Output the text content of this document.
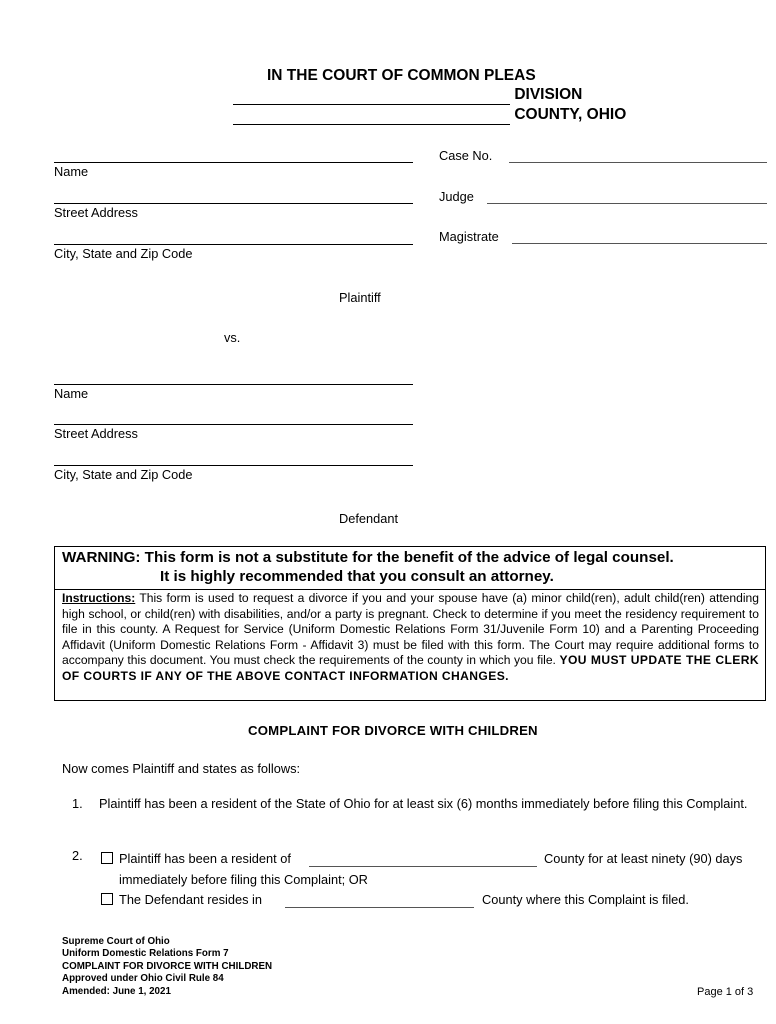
IN THE COURT OF COMMON PLEAS
DIVISION
COUNTY, OHIO
Case No.
Judge
Magistrate
Name
Street Address
City, State and Zip Code
Plaintiff
vs.
Name
Street Address
City, State and Zip Code
Defendant
WARNING: This form is not a substitute for the benefit of the advice of legal counsel.
It is highly recommended that you consult an attorney.
Instructions: This form is used to request a divorce if you and your spouse have (a) minor child(ren), adult child(ren) attending high school, or child(ren) with disabilities, and/or a party is pregnant. Check to determine if you meet the residency requirement to file in this county. A Request for Service (Uniform Domestic Relations Form 31/Juvenile Form 10) and a Parenting Proceeding Affidavit (Uniform Domestic Relations Form - Affidavit 3) must be filed with this form. The Court may require additional forms to accompany this document. You must check the requirements of the county in which you file. YOU MUST UPDATE THE CLERK OF COURTS IF ANY OF THE ABOVE CONTACT INFORMATION CHANGES.
COMPLAINT FOR DIVORCE WITH CHILDREN
Now comes Plaintiff and states as follows:
1. Plaintiff has been a resident of the State of Ohio for at least six (6) months immediately before filing this Complaint.
2.	Plaintiff has been a resident of	County for at least ninety (90) days
immediately before filing this Complaint; OR
The Defendant resides in	County where this Complaint is filed.
Supreme Court of Ohio
Uniform Domestic Relations Form 7
COMPLAINT FOR DIVORCE WITH CHILDREN
Approved under Ohio Civil Rule 84
Amended: June 1, 2021	Page 1 of 3
